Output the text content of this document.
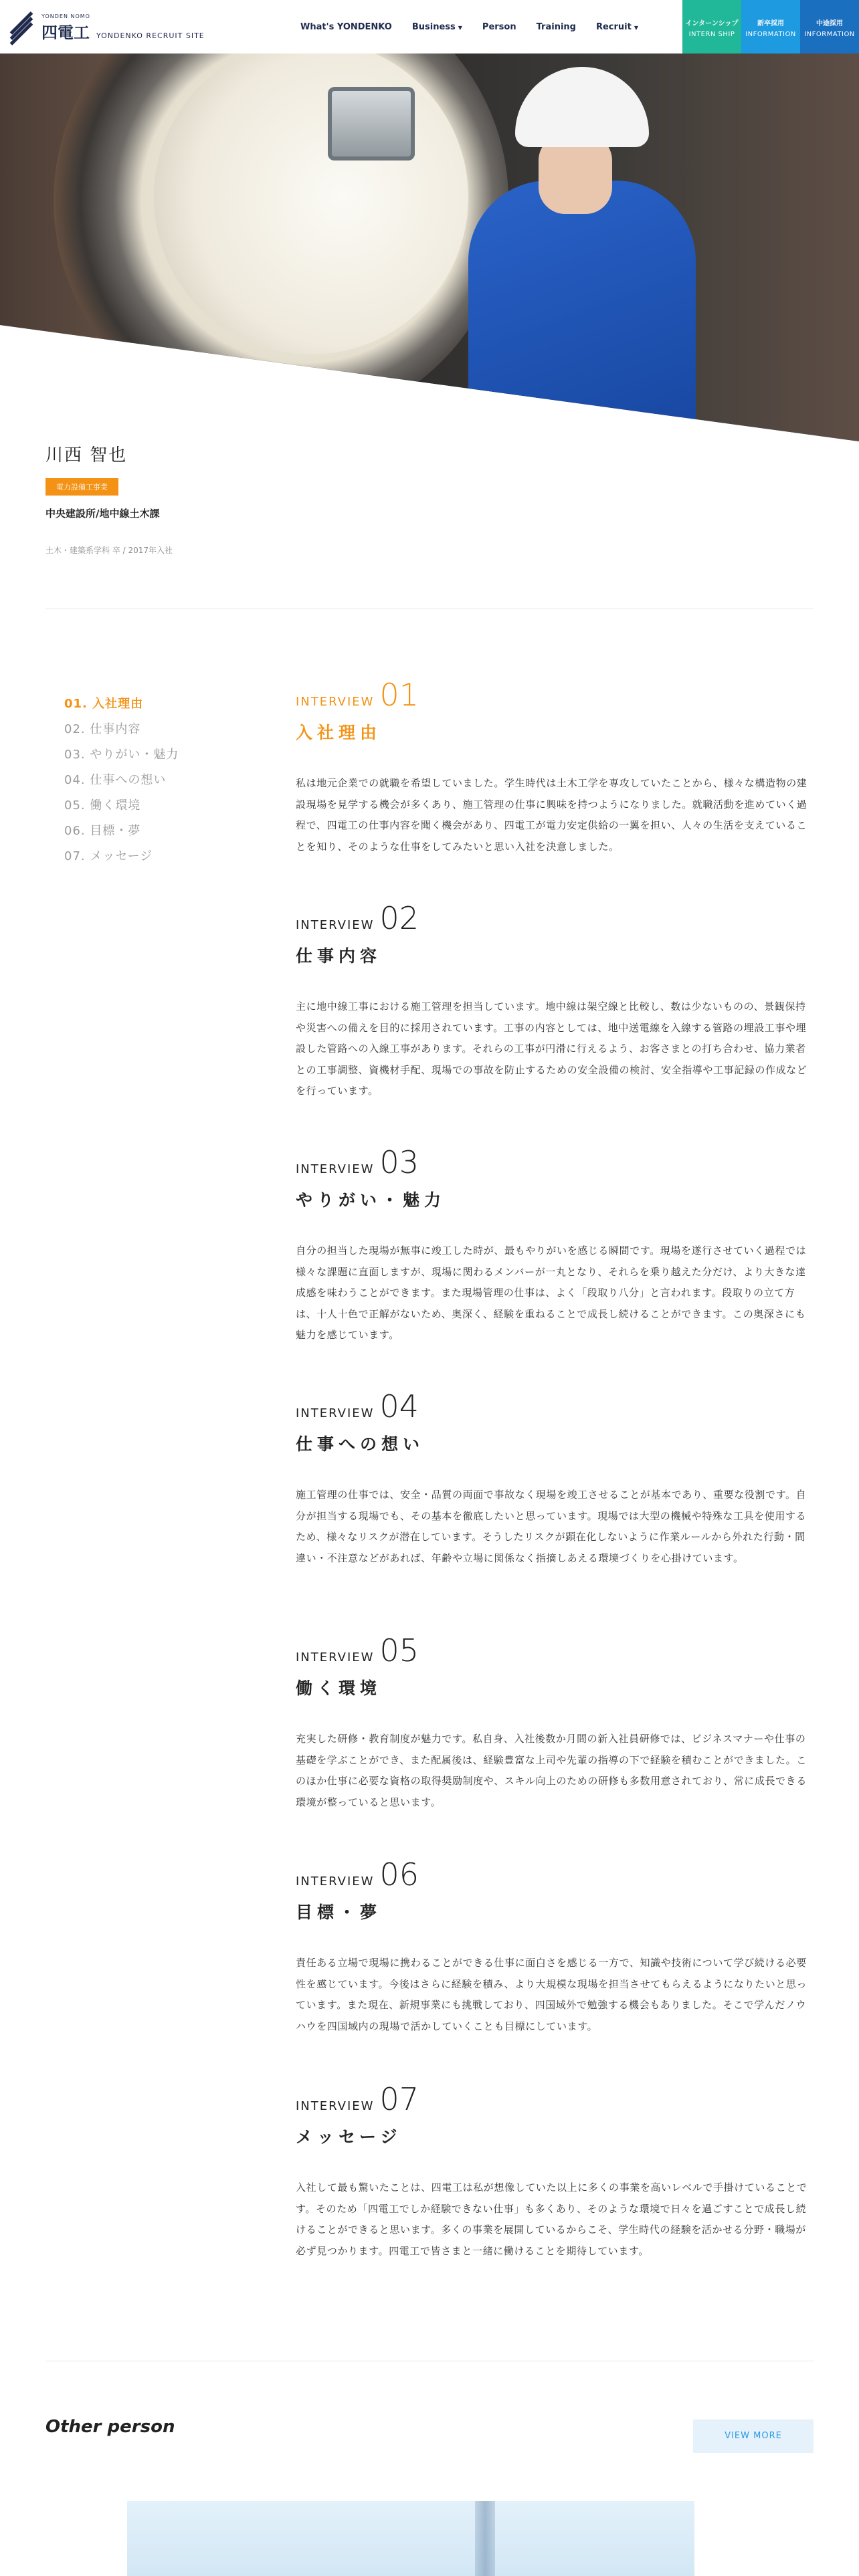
YONDEN NOMO
四電工 YONDENKO RECRUIT SITE
What's YONDENKO Business ▼ Person Training Recruit ▼	インターンシップ
INTERN SHIP
新卒採用
INFORMATION
中途採用
INFORMATION
川西 智也
電力設備工事業
中央建設所/地中線土木課
土木・建築系学科 卒 / 2017年入社
01. 入社理由
02. 仕事内容
03. やりがい・魅力
04. 仕事への想い
05. 働く環境
06. 目標・夢
07. メッセージ
INTERVIEW 01
入社理由

私は地元企業での就職を希望していました。学生時代は土木工学を専攻していたことから、様々な構造物の建設現場を見学する機会が多くあり、施工管理の仕事に興味を持つようになりました。就職活動を進めていく過程で、四電工の仕事内容を聞く機会があり、四電工が電力安定供給の一翼を担い、人々の生活を支えていることを知り、そのような仕事をしてみたいと思い入社を決意しました。

INTERVIEW 02
仕事内容

主に地中線工事における施工管理を担当しています。地中線は架空線と比較し、数は少ないものの、景観保持や災害への備えを目的に採用されています。工事の内容としては、地中送電線を入線する管路の埋設工事や埋設した管路への入線工事があります。それらの工事が円滑に行えるよう、お客さまとの打ち合わせ、協力業者との工事調整、資機材手配、現場での事故を防止するための安全設備の検討、安全指導や工事記録の作成などを行っています。

INTERVIEW 03
やりがい・魅力

自分の担当した現場が無事に竣工した時が、最もやりがいを感じる瞬間です。現場を遂行させていく過程では様々な課題に直面しますが、現場に関わるメンバーが一丸となり、それらを乗り越えた分だけ、より大きな達成感を味わうことができます。また現場管理の仕事は、よく「段取り八分」と言われます。段取りの立て方は、十人十色で正解がないため、奥深く、経験を重ねることで成長し続けることができます。この奥深さにも魅力を感じています。

INTERVIEW 04
仕事への想い

施工管理の仕事では、安全・品質の両面で事故なく現場を竣工させることが基本であり、重要な役割です。自分が担当する現場でも、その基本を徹底したいと思っています。現場では大型の機械や特殊な工具を使用するため、様々なリスクが潜在しています。そうしたリスクが顕在化しないように作業ルールから外れた行動・間違い・不注意などがあれば、年齢や立場に関係なく指摘しあえる環境づくりを心掛けています。

INTERVIEW 05
働く環境

充実した研修・教育制度が魅力です。私自身、入社後数か月間の新入社員研修では、ビジネスマナーや仕事の基礎を学ぶことができ、また配属後は、経験豊富な上司や先輩の指導の下で経験を積むことができました。このほか仕事に必要な資格の取得奨励制度や、スキル向上のための研修も多数用意されており、常に成長できる環境が整っていると思います。

INTERVIEW 06
目標・夢

責任ある立場で現場に携わることができる仕事に面白さを感じる一方で、知識や技術について学び続ける必要性を感じています。今後はさらに経験を積み、より大規模な現場を担当させてもらえるようになりたいと思っています。また現在、新規事業にも挑戦しており、四国域外で勉強する機会もありました。そこで学んだノウハウを四国域内の現場で活かしていくことも目標にしています。

INTERVIEW 07
メッセージ

入社して最も驚いたことは、四電工は私が想像していた以上に多くの事業を高いレベルで手掛けていることです。そのため「四電工でしか経験できない仕事」も多くあり、そのような環境で日々を過ごすことで成長し続けることができると思います。多くの事業を展開しているからこそ、学生時代の経験を活かせる分野・職場が必ず見つかります。四電工で皆さまと一緒に働けることを期待しています。

Other person	VIEW MORE
